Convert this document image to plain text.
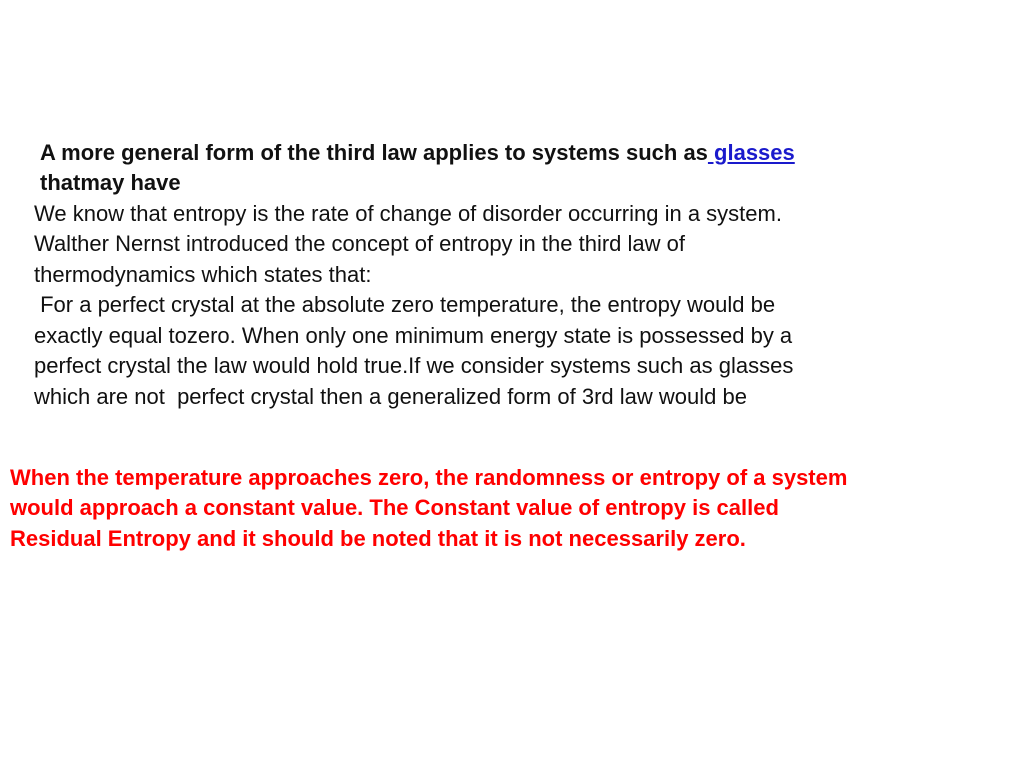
A more general form of the third law applies to systems such as glasses

thatmay have

We know that entropy is the rate of change of disorder occurring in a system.

Walther Nernst introduced the concept of entropy in the third law of

thermodynamics which states that:

For a perfect crystal at the absolute zero temperature, the entropy would be

exactly equal tozero. When only one minimum energy state is possessed by a

perfect crystal the law would hold true.If we consider systems such as glasses

which are not  perfect crystal then a generalized form of 3rd law would be

When the temperature approaches zero, the randomness or entropy of a system

would approach a constant value. The Constant value of entropy is called

Residual Entropy and it should be noted that it is not necessarily zero.
